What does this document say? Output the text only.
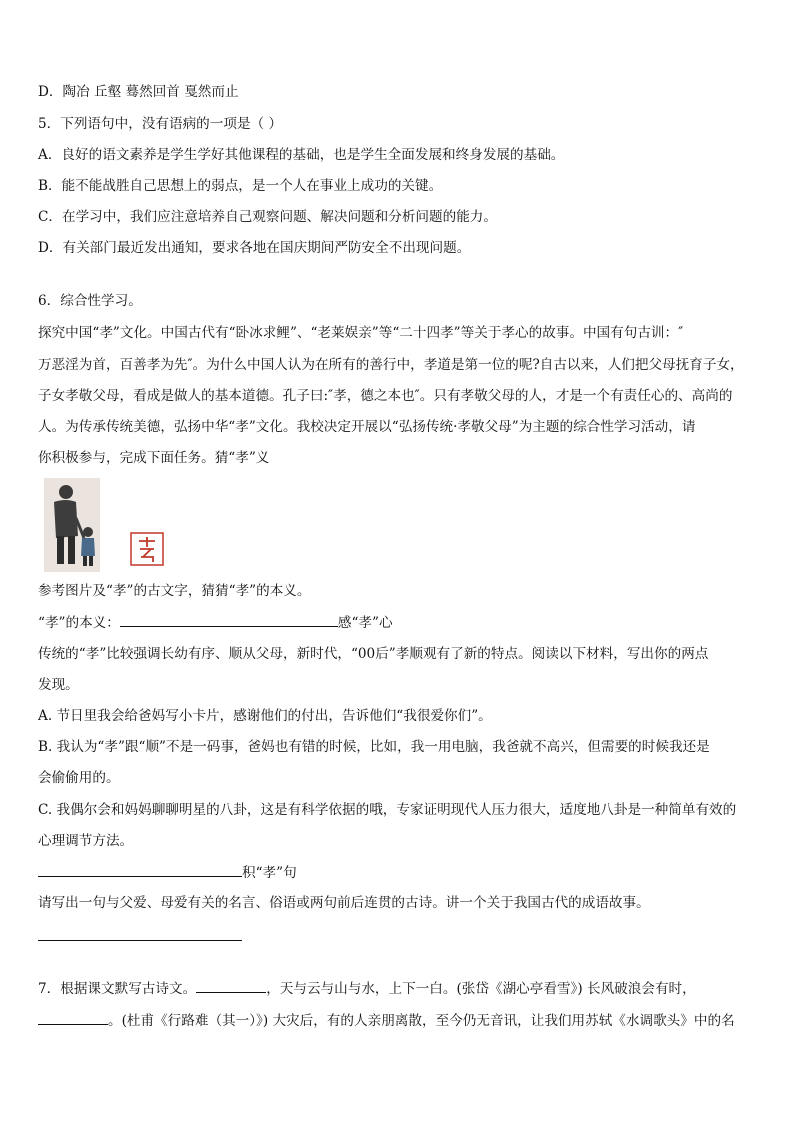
D．陶冶 丘壑 蓦然回首 戛然而止
5．下列语句中，没有语病的一项是（ ）
A．良好的语文素养是学生学好其他课程的基础，也是学生全面发展和终身发展的基础。
B．能不能战胜自己思想上的弱点，是一个人在事业上成功的关键。
C．在学习中，我们应注意培养自己观察问题、解决问题和分析问题的能力。
D．有关部门最近发出通知，要求各地在国庆期间严防安全不出现问题。
6．综合性学习。
探究中国“孝”文化。中国古代有“卧冰求鲤”、“老莱娱亲”等“二十四孝”等关于孝心的故事。中国有句古训：″
万恶淫为首，百善孝为先″。为什么中国人认为在所有的善行中，孝道是第一位的呢?自古以来，人们把父母抚育子女，
子女孝敬父母，看成是做人的基本道德。孔子曰:″孝，德之本也″。只有孝敬父母的人，才是一个有责任心的、高尚的
人。为传承传统美德，弘扬中华“孝”文化。我校决定开展以“弘扬传统·孝敬父母”为主题的综合性学习活动，请
你积极参与，完成下面任务。猜“孝”义
参考图片及“孝”的古文字，猜猜“孝”的本义。
“孝”的本义：	感“孝”心
传统的“孝”比较强调长幼有序、顺从父母，新时代，“00后”孝顺观有了新的特点。阅读以下材料，写出你的两点
发现。
A. 节日里我会给爸妈写小卡片，感谢他们的付出，告诉他们“我很爱你们”。
B. 我认为“孝”跟“顺”不是一码事，爸妈也有错的时候，比如，我一用电脑，我爸就不高兴，但需要的时候我还是
会偷偷用的。
C. 我偶尔会和妈妈聊聊明星的八卦，这是有科学依据的哦，专家证明现代人压力很大，适度地八卦是一种简单有效的
心理调节方法。
积“孝”句
请写出一句与父爱、母爱有关的名言、俗语或两句前后连贯的古诗。讲一个关于我国古代的成语故事。
7．根据课文默写古诗文。	，天与云与山与水，上下一白。(张岱《湖心亭看雪》) 长风破浪会有时，
。(杜甫《行路难（其一）》) 大灾后，有的人亲朋离散，至今仍无音讯，让我们用苏轼《水调歌头》中的名
